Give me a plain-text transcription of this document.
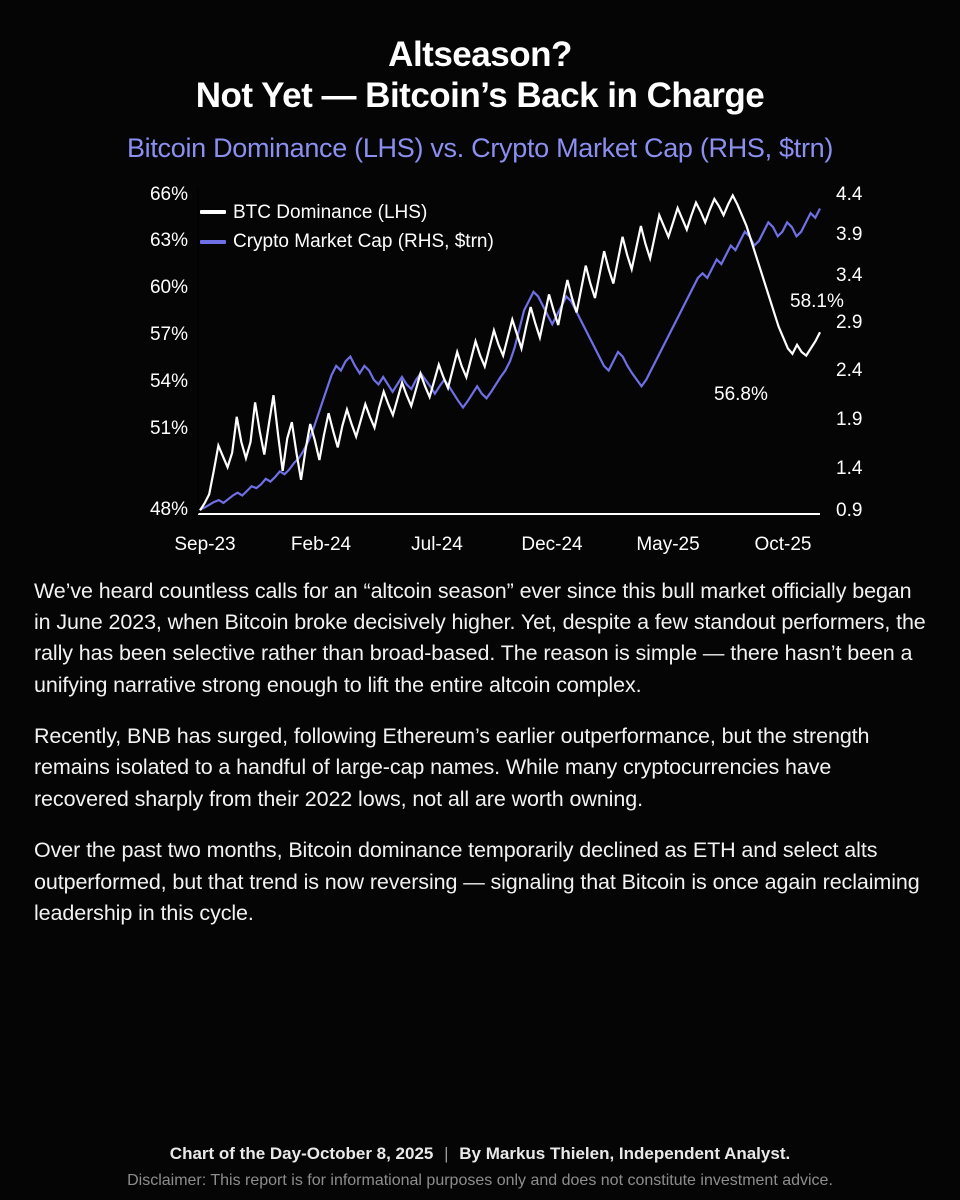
Altseason?
Not Yet — Bitcoin’s Back in Charge
Bitcoin Dominance (LHS) vs. Crypto Market Cap (RHS, $trn)
66%
63%
60%
57%
54%
51%
48%
4.4
3.9
3.4
2.9
2.4
1.9
1.4
0.9
Sep-23	Feb-24	Jul-24	Dec-24	May-25	Oct-25
58.1%
56.8%
BTC Dominance (LHS)
Crypto Market Cap (RHS, $trn)

We’ve heard countless calls for an “altcoin season” ever since this bull market officially began in June 2023, when Bitcoin broke decisively higher. Yet, despite a few standout performers, the rally has been selective rather than broad-based. The reason is simple — there hasn’t been a unifying narrative strong enough to lift the entire altcoin complex.

Recently, BNB has surged, following Ethereum’s earlier outperformance, but the strength remains isolated to a handful of large-cap names. While many cryptocurrencies have recovered sharply from their 2022 lows, not all are worth owning.

Over the past two months, Bitcoin dominance temporarily declined as ETH and select alts outperformed, but that trend is now reversing — signaling that Bitcoin is once again reclaiming leadership in this cycle.

Chart of the Day-October 8, 2025 | By Markus Thielen, Independent Analyst.
Disclaimer: This report is for informational purposes only and does not constitute investment advice.
